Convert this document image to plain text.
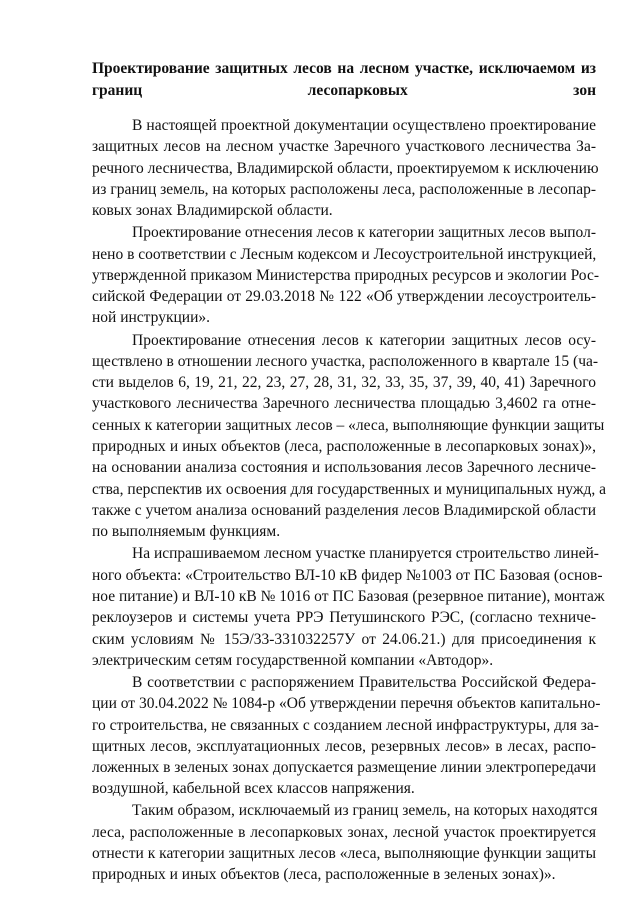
Проектирование защитных лесов на лесном участке, исключаемом из
границ лесопарковых зон

В настоящей проектной документации осуществлено проектирование
защитных лесов на лесном участке Заречного участкового лесничества За-
речного лесничества, Владимирской области, проектируемом к исключению
из границ земель, на которых расположены леса, расположенные в лесопар-
ковых зонах Владимирской области.

Проектирование отнесения лесов к категории защитных лесов выпол-
нено в соответствии с Лесным кодексом и Лесоустроительной инструкцией,
утвержденной приказом Министерства природных ресурсов и экологии Рос-
сийской Федерации от 29.03.2018 № 122 «Об утверждении лесоустроитель-
ной инструкции».

Проектирование отнесения лесов к категории защитных лесов осу-
ществлено в отношении лесного участка, расположенного в квартале 15 (ча-
сти выделов 6, 19, 21, 22, 23, 27, 28, 31, 32, 33, 35, 37, 39, 40, 41) Заречного
участкового лесничества Заречного лесничества площадью 3,4602 га отне-
сенных к категории защитных лесов – «леса, выполняющие функции защиты
природных и иных объектов (леса, расположенные в лесопарковых зонах)»,
на основании анализа состояния и использования лесов Заречного лесниче-
ства, перспектив их освоения для государственных и муниципальных нужд, а
также с учетом анализа оснований разделения лесов Владимирской области
по выполняемым функциям.

На испрашиваемом лесном участке планируется строительство линей-
ного объекта: «Строительство ВЛ-10 кВ фидер №1003 от ПС Базовая (основ-
ное питание) и ВЛ-10 кВ № 1016 от ПС Базовая (резервное питание), монтаж
реклоузеров и системы учета РРЭ Петушинского РЭС, (согласно техниче-
ским условиям № 15Э/33-331032257У от 24.06.21.) для присоединения к
электрическим сетям государственной компании «Автодор».

В соответствии с распоряжением Правительства Российской Федера-
ции от 30.04.2022 № 1084-р «Об утверждении перечня объектов капитально-
го строительства, не связанных с созданием лесной инфраструктуры, для за-
щитных лесов, эксплуатационных лесов, резервных лесов» в лесах, распо-
ложенных в зеленых зонах допускается размещение линии электропередачи
воздушной, кабельной всех классов напряжения.

Таким образом, исключаемый из границ земель, на которых находятся
леса, расположенные в лесопарковых зонах, лесной участок проектируется
отнести к категории защитных лесов «леса, выполняющие функции защиты
природных и иных объектов (леса, расположенные в зеленых зонах)».
